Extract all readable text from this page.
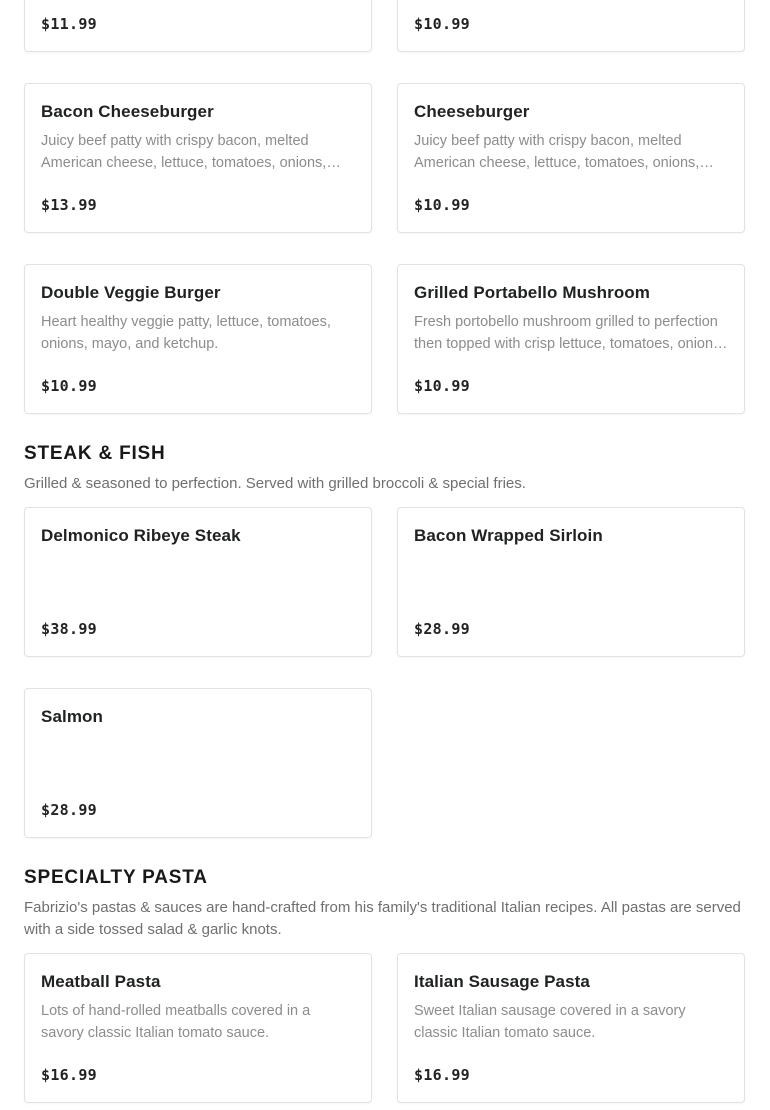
$11.99	$10.99
Bacon Cheeseburger

Juicy beef patty with crispy bacon, melted American cheese, lettuce, tomatoes, onions,…

$13.99
Cheeseburger

Juicy beef patty with crispy bacon, melted American cheese, lettuce, tomatoes, onions,…

$10.99
Double Veggie Burger

Heart healthy veggie patty, lettuce, tomatoes, onions, mayo, and ketchup.

$10.99
Grilled Portabello Mushroom

Fresh portobello mushroom grilled to perfection then topped with crisp lettuce, tomatoes, onion…

$10.99
STEAK & FISH

Grilled & seasoned to perfection. Served with grilled broccoli & special fries.

Delmonico Ribeye Steak

$38.99
Bacon Wrapped Sirloin

$28.99
Salmon

$28.99
SPECIALTY PASTA

Fabrizio's pastas & sauces are hand-crafted from his family's traditional Italian recipes. All pastas are served with a side tossed salad & garlic knots.

Meatball Pasta

Lots of hand-rolled meatballs covered in a savory classic Italian tomato sauce.

$16.99
Italian Sausage Pasta

Sweet Italian sausage covered in a savory classic Italian tomato sauce.

$16.99
